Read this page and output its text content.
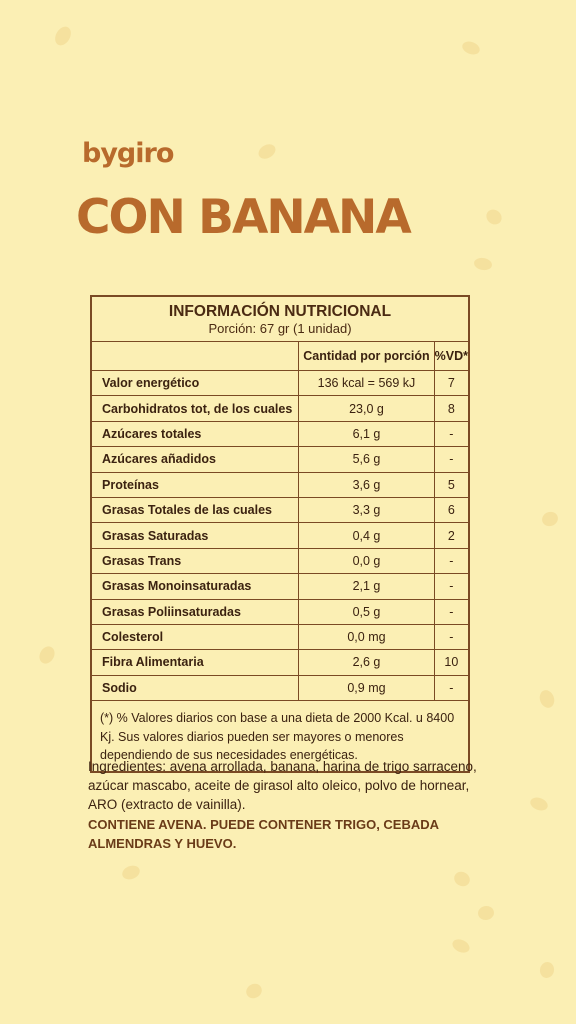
bygiro
CON BANANA
INFORMACIÓN NUTRICIONAL
Porción: 67 gr (1 unidad)
	Cantidad por porción	%VD*
Valor energético	136 kcal = 569 kJ	7
Carbohidratos tot, de los cuales	23,0 g	8
Azúcares totales	6,1 g	-
Azúcares añadidos	5,6 g	-
Proteínas	3,6 g	5
Grasas Totales de las cuales	3,3 g	6
Grasas Saturadas	0,4 g	2
Grasas Trans	0,0 g	-
Grasas Monoinsaturadas	2,1 g	-
Grasas Poliinsaturadas	0,5 g	-
Colesterol	0,0 mg	-
Fibra Alimentaria	2,6 g	10
Sodio	0,9 mg	-
(*) % Valores diarios con base a una dieta de 2000 Kcal. u 8400 Kj. Sus valores diarios pueden ser mayores o menores dependiendo de sus necesidades energéticas.
Ingredientes: avena arrollada, banana, harina de trigo sarraceno, azúcar mascabo, aceite de girasol alto oleico, polvo de hornear, ARO (extracto de vainilla).
CONTIENE AVENA. PUEDE CONTENER TRIGO, CEBADA ALMENDRAS Y HUEVO.
